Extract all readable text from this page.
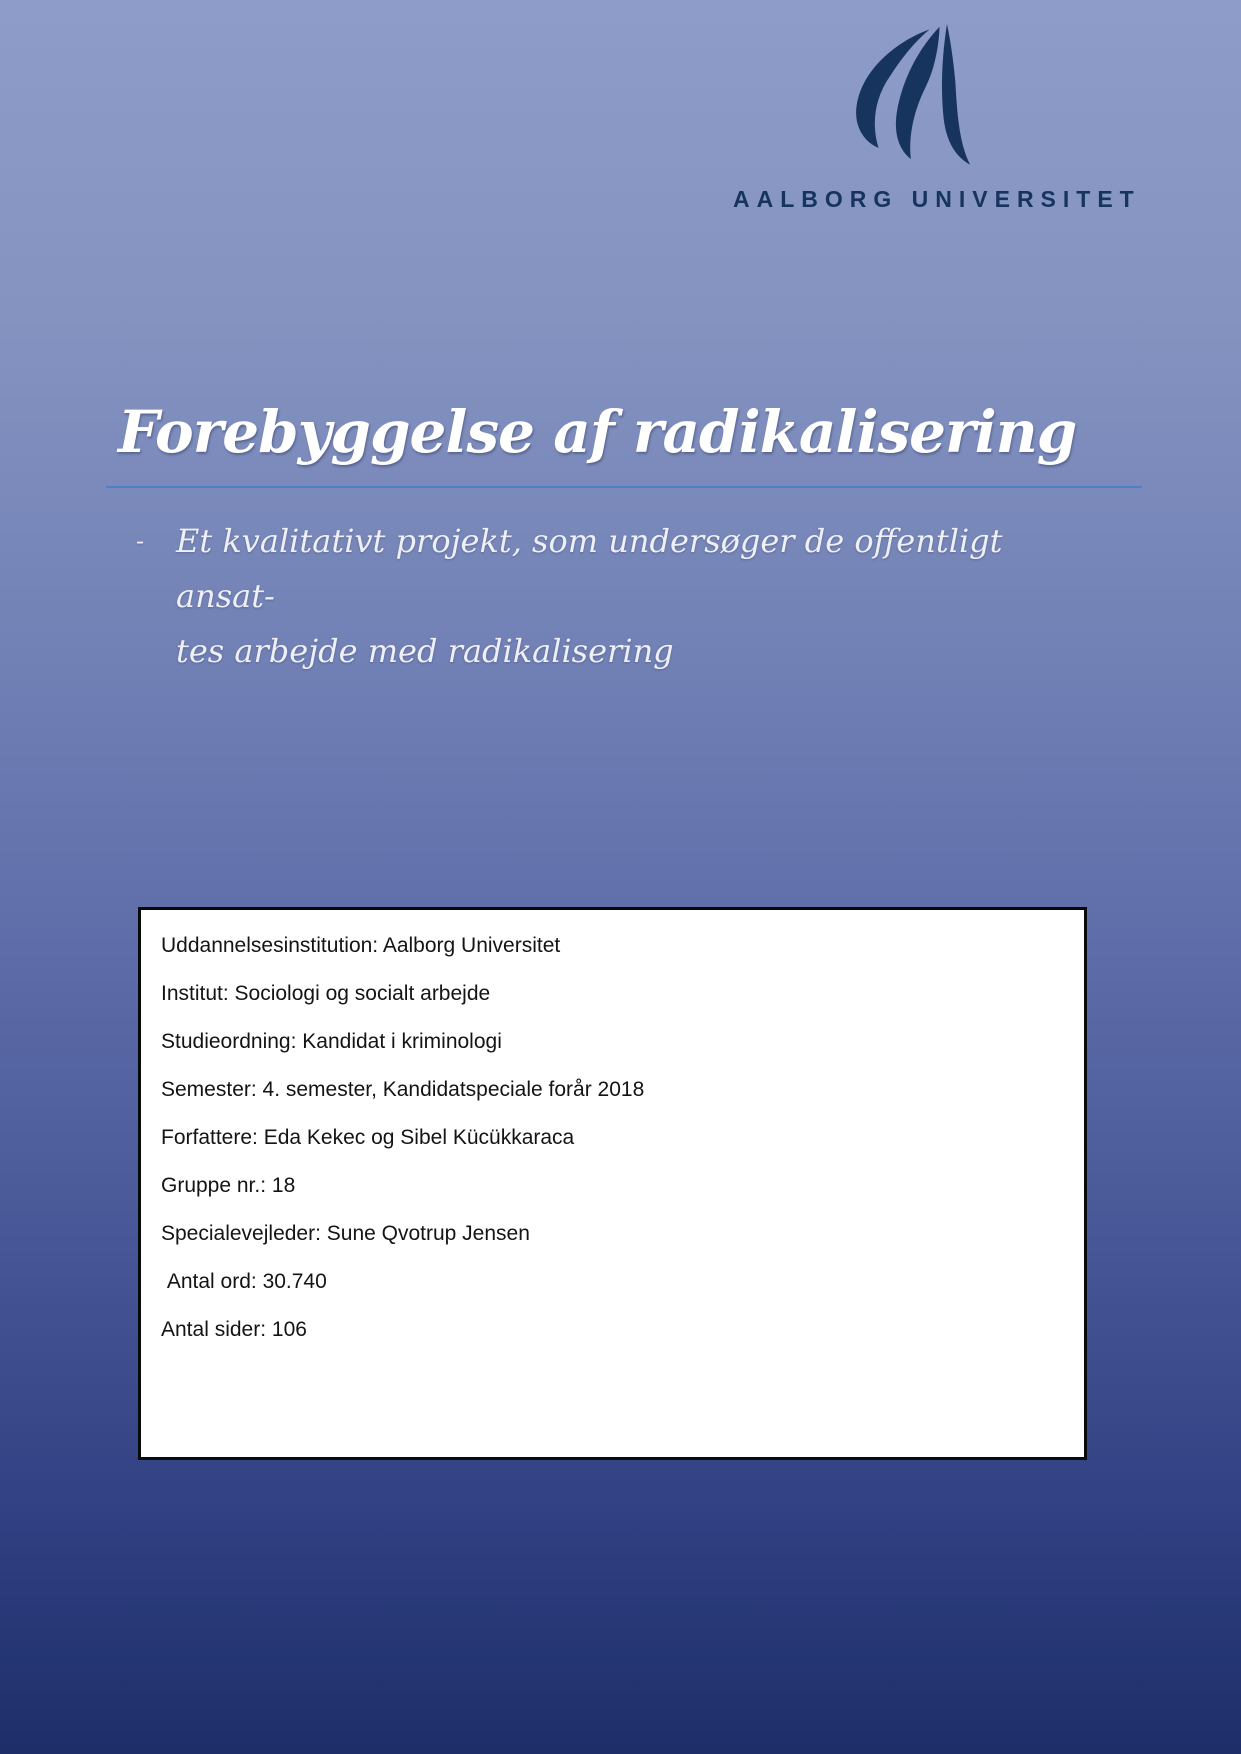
AALBORG UNIVERSITET
Forebyggelse af radikalisering
- Et kvalitativt projekt, som undersøger de offentligt ansat-
tes arbejde med radikalisering

Uddannelsesinstitution: Aalborg Universitet

Institut: Sociologi og socialt arbejde

Studieordning: Kandidat i kriminologi

Semester: 4. semester, Kandidatspeciale forår 2018

Forfattere: Eda Kekec og Sibel Kücükkaraca

Gruppe nr.: 18

Specialevejleder: Sune Qvotrup Jensen

Antal ord: 30.740

Antal sider: 106
